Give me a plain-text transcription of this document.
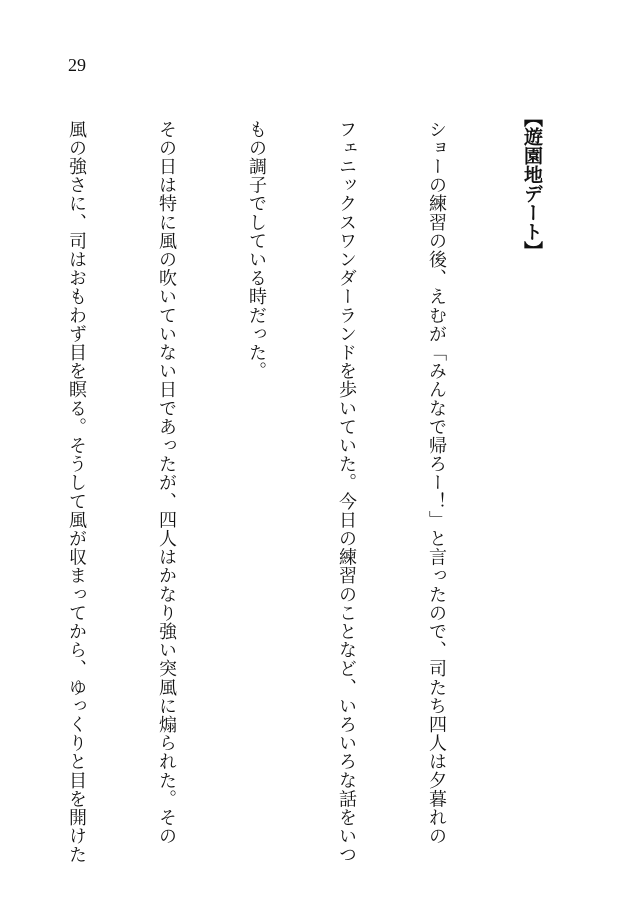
29
【遊園地デート】

ショーの練習の後、えむが「みんなで帰ろー！」と言ったので、司たち四人は夕暮れの

フェニックスワンダーランドを歩いていた。今日の練習のことなど、いろいろな話をいつ

もの調子でしている時だった。

その日は特に風の吹いていない日であったが、四人はかなり強い突風に煽られた。その

風の強さに、司はおもわず目を瞑る。そうして風が収まってから、ゆっくりと目を開けた
